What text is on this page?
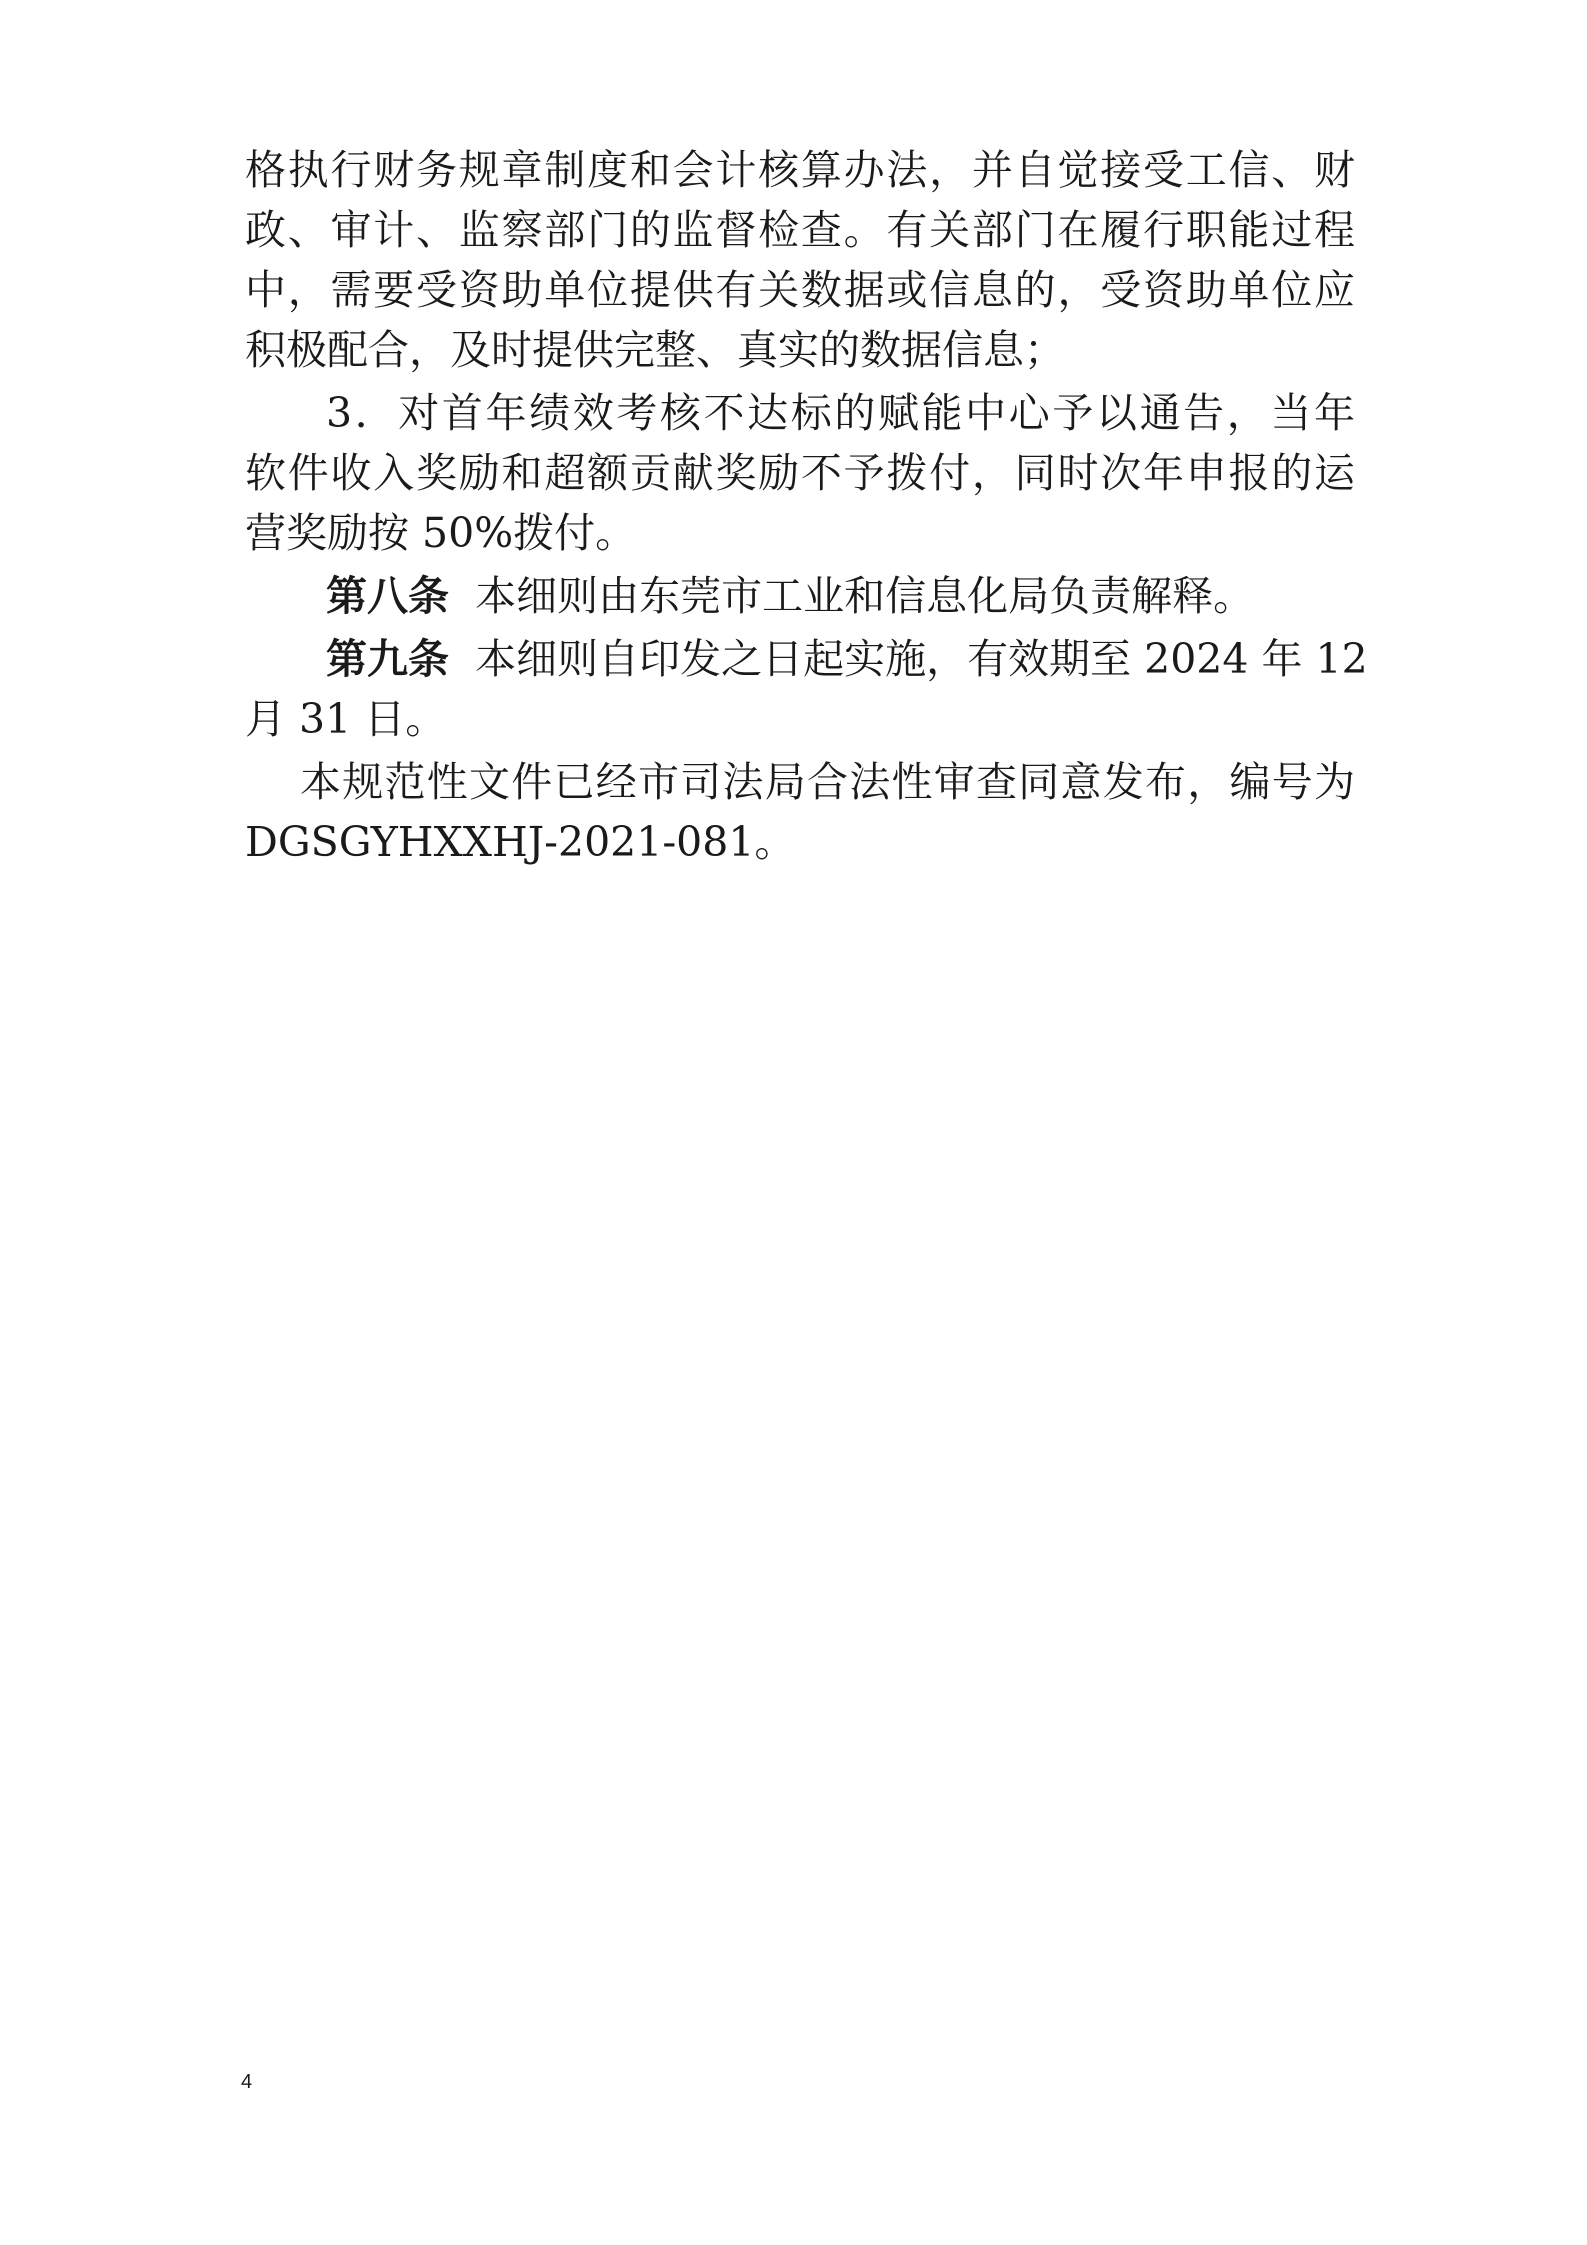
格执行财务规章制度和会计核算办法，并自觉接受工信、财
政、审计、监察部门的监督检查。有关部门在履行职能过程
中，需要受资助单位提供有关数据或信息的，受资助单位应
积极配合，及时提供完整、真实的数据信息；
3．对首年绩效考核不达标的赋能中心予以通告，当年
软件收入奖励和超额贡献奖励不予拨付，同时次年申报的运
营奖励按 50%拨付。
第八条 本细则由东莞市工业和信息化局负责解释。
第九条 本细则自印发之日起实施，有效期至 2024 年 12
月 31 日。
本规范性文件已经市司法局合法性审查同意发布，编号为
DGSGYHXXHJ-2021-081。
4
